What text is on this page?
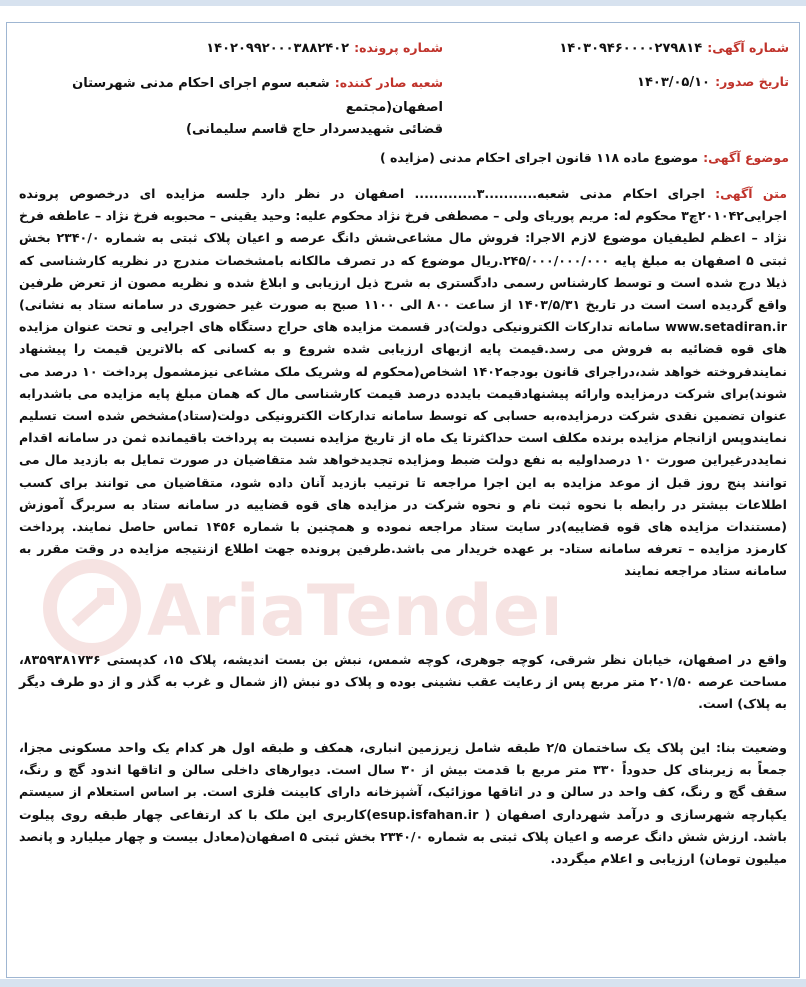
شماره آگهی: ۱۴۰۳۰۹۴۶۰۰۰۰۲۷۹۸۱۴
شماره پرونده: ۱۴۰۲۰۹۹۲۰۰۰۳۸۸۲۴۰۲
تاریخ صدور: ۱۴۰۳/۰۵/۱۰
شعبه صادر کننده: شعبه سوم اجرای احکام مدنی شهرستان اصفهان(مجتمع
قضائی شهیدسردار حاج قاسم سلیمانی)
موضوع آگهی: موضوع ماده ۱۱۸ قانون اجرای احکام مدنی (مزایده )

متن آگهی: اجرای احکام مدنی شعبه...........۳............. اصفهان در نظر دارد جلسه مزایده ای درخصوص پرونده اجرایی۲۰۱۰۴۲چ۳ محکوم له: مریم پوریای ولی – مصطفی فرخ نژاد محکوم علیه: وحید یقینی – محبوبه فرخ نژاد – عاطفه فرخ نژاد – اعظم لطیفیان موضوع لازم الاجرا: فروش مال مشاعی‌شش دانگ عرصه و اعیان پلاک ثبتی به شماره ۲۳۴۰/۰ بخش ثبتی ۵ اصفهان به مبلغ پایه ۲۴۵/۰۰۰/۰۰۰/۰۰۰.ریال موضوع که در تصرف مالکانه بامشخصات مندرج در نظریه کارشناسی که ذیلا درج شده است و توسط کارشناس رسمی دادگستری به شرح ذیل ارزیابی و ابلاغ شده و نظریه مصون از تعرض طرفین واقع گردیده است است در تاریخ ۱۴۰۳/۵/۳۱ از ساعت ۸۰۰ الی ۱۱۰۰ صبح به صورت غیر حضوری در سامانه ستاد به نشانی) www.setadiran.ir سامانه تدارکات الکترونیکی دولت)در قسمت مزایده های حراج دستگاه های اجرایی و تحت عنوان مزایده های قوه قضائیه به فروش می رسد.قیمت پایه ازبهای ارزیابی شده شروع و به کسانی که بالاترین قیمت را پیشنهاد نمایندفروخته خواهد شد،دراجرای قانون بودجه۱۴۰۲ اشخاص(محکوم له وشریک ملک مشاعی نیزمشمول پرداخت ۱۰ درصد می شوند)برای شرکت درمزایده وارائه پیشنهادقیمت بایدده درصد قیمت کارشناسی مال که همان مبلغ پایه مزایده می باشدرابه عنوان تضمین نقدی شرکت درمزایده،به حسابی که توسط سامانه تدارکات الکترونیکی دولت(ستاد)مشخص شده است تسلیم نمایندوپس ازانجام مزایده برنده مکلف است حداکثرتا یک ماه از تاریخ مزایده نسبت به پرداخت باقیمانده ثمن در سامانه اقدام نمایددرغیراین صورت ۱۰ درصداولیه به نفع دولت ضبط ومزایده تجدیدخواهد شد متقاضیان در صورت تمایل به بازدید مال می توانند پنج روز قبل از موعد مزایده به این اجرا مراجعه تا ترتیب بازدید آنان داده شود، متقاضیان می توانند برای کسب اطلاعات بیشتر در رابطه با نحوه ثبت نام و نحوه شرکت در مزایده های قوه قضاییه در سامانه ستاد به سربرگ آموزش (مستندات مزایده های قوه قضاییه)در سایت ستاد مراجعه نموده و همچنین با شماره ۱۴۵۶ تماس حاصل نمایند. پرداخت کارمزد مزایده – تعرفه سامانه ستاد- بر عهده خریدار می باشد.طرفین پرونده جهت اطلاع ازنتیجه مزایده در وقت مقرر به سامانه ستاد مراجعه نمایند

واقع در اصفهان، خیابان نظر شرقی، کوچه جوهری، کوچه شمس، نبش بن بست اندیشه، پلاک ۱۵، کدپستی ۸۳۵۹۳۸۱۷۳۶، مساحت عرصه ۲۰۱/۵۰ متر مربع پس از رعایت عقب نشینی بوده و پلاک دو نبش (از شمال و غرب به گذر و از دو طرف دیگر به پلاک) است.

وضعیت بنا: این پلاک یک ساختمان ۲/۵ طبقه شامل زیرزمین انباری، همکف و طبقه اول هر کدام یک واحد مسکونی مجزا، جمعاً به زیربنای کل حدوداً ۳۳۰ متر مربع با قدمت بیش از ۳۰ سال است. دیوارهای داخلی سالن و اتاقها اندود گچ و رنگ، سقف گچ و رنگ، کف واحد در سالن و در اتاقها موزائیک، آشپزخانه دارای کابینت فلزی است. بر اساس استعلام از سیستم یکپارچه شهرسازی و درآمد شهرداری اصفهان ( esup.isfahan.ir)کاربری این ملک با کد ارتفاعی چهار طبقه روی پیلوت باشد. ارزش شش دانگ عرصه و اعیان پلاک ثبتی به شماره ۲۳۴۰/۰ بخش ثبتی ۵ اصفهان(معادل بیست و چهار میلیارد و پانصد میلیون تومان) ارزیابی و اعلام میگردد.

AriaTender
